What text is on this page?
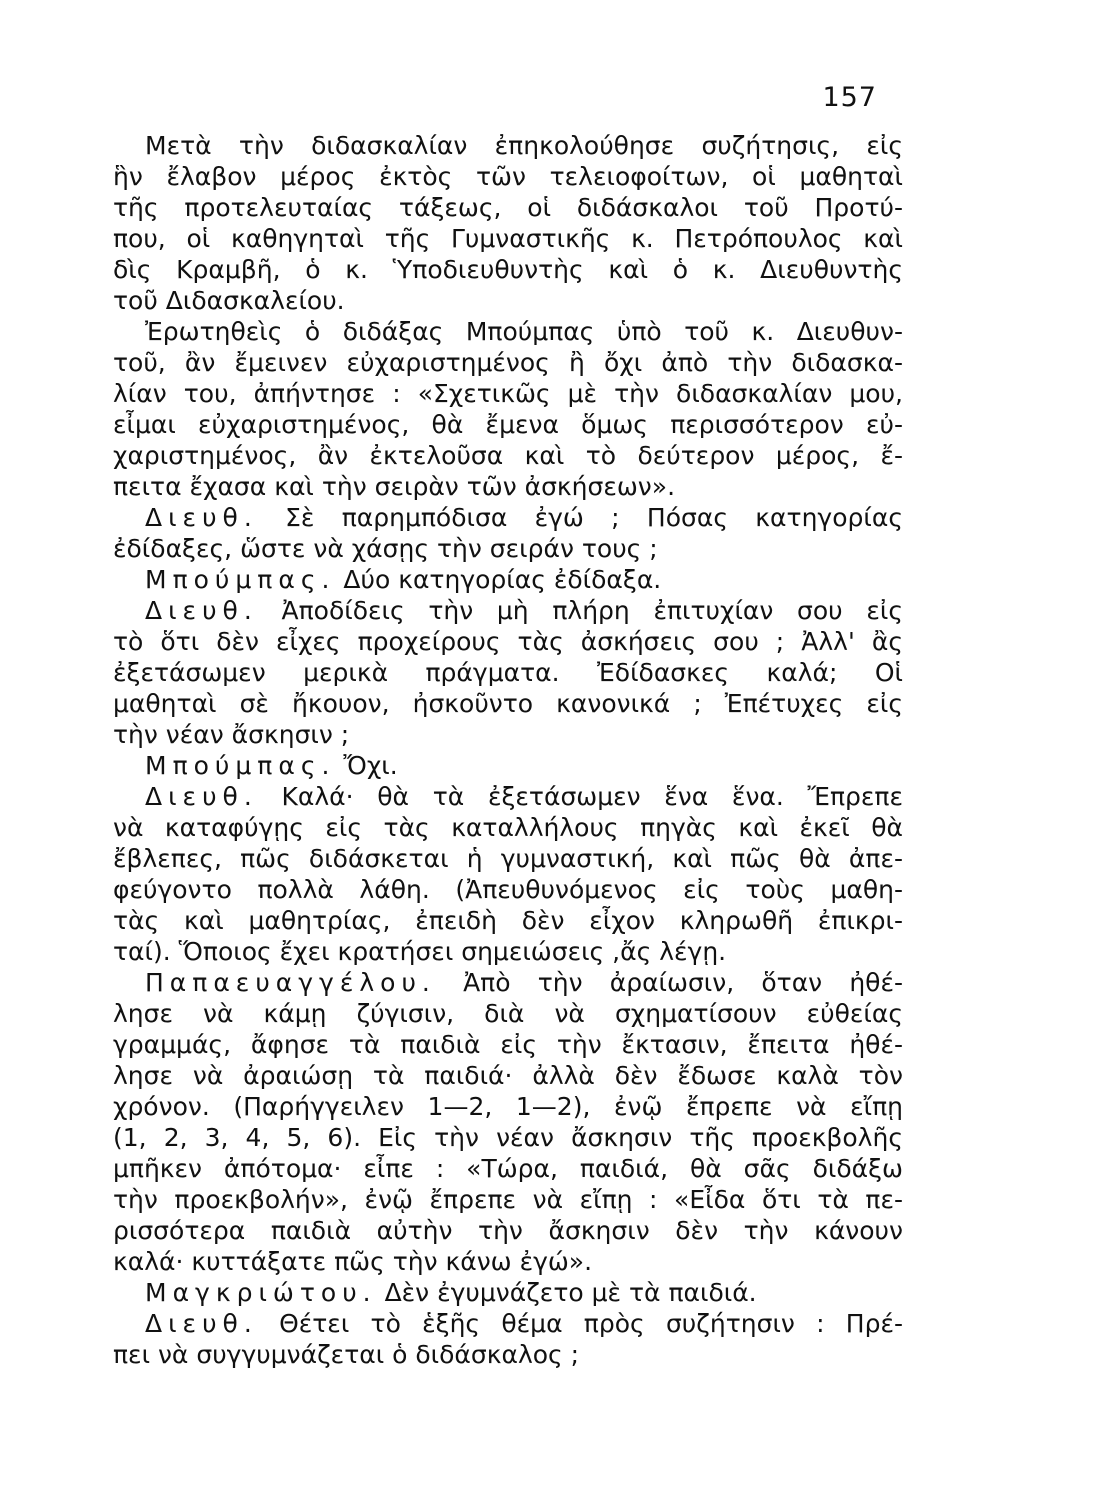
157
Μετὰ τὴν διδασκαλίαν ἐπηκολούθησε συζήτησις, εἰς
ἣν ἔλαβον μέρος ἐκτὸς τῶν τελειοφοίτων, οἱ μαθηταὶ
τῆς προτελευταίας τάξεως, οἱ διδάσκαλοι τοῦ Προτύ-
που, οἱ καθηγηταὶ τῆς Γυμναστικῆς κ. Πετρόπουλος καὶ
δὶς Κραμβῆ, ὁ κ. Ὑποδιευθυντὴς καὶ ὁ κ. Διευθυντὴς
τοῦ Διδασκαλείου.
Ἐρωτηθεὶς ὁ διδάξας Μπούμπας ὑπὸ τοῦ κ. Διευθυν-
τοῦ, ἂν ἔμεινεν εὐχαριστημένος ἢ ὄχι ἀπὸ τὴν διδασκα-
λίαν του, ἀπήντησε : «Σχετικῶς μὲ τὴν διδασκαλίαν μου,
εἶμαι εὐχαριστημένος, θὰ ἔμενα ὅμως περισσότερον εὐ-
χαριστημένος, ἂν ἐκτελοῦσα καὶ τὸ δεύτερον μέρος, ἔ-
πειτα ἔχασα καὶ τὴν σειρὰν τῶν ἀσκήσεων».
Διευθ. Σὲ παρημπόδισα ἐγώ ; Πόσας κατηγορίας
ἐδίδαξες, ὥστε νὰ χάσῃς τὴν σειράν τους ;
Μπούμπας. Δύο κατηγορίας ἐδίδαξα.
Διευθ. Ἀποδίδεις τὴν μὴ πλήρη ἐπιτυχίαν σου εἰς
τὸ ὅτι δὲν εἶχες προχείρους τὰς ἀσκήσεις σου ; Ἀλλ' ἂς
ἐξετάσωμεν μερικὰ πράγματα. Ἐδίδασκες καλά; Οἱ
μαθηταὶ σὲ ἤκουον, ἠσκοῦντο κανονικά ; Ἐπέτυχες εἰς
τὴν νέαν ἄσκησιν ;
Μπούμπας. Ὄχι.
Διευθ. Καλά· θὰ τὰ ἐξετάσωμεν ἕνα ἕνα. Ἔπρεπε
νὰ καταφύγῃς εἰς τὰς καταλλήλους πηγὰς καὶ ἐκεῖ θὰ
ἔβλεπες, πῶς διδάσκεται ἡ γυμναστική, καὶ πῶς θὰ ἀπε-
φεύγοντο πολλὰ λάθη. (Ἀπευθυνόμενος εἰς τοὺς μαθη-
τὰς καὶ μαθητρίας, ἐπειδὴ δὲν εἶχον κληρωθῆ ἐπικρι-
ταί). Ὅποιος ἔχει κρατήσει σημειώσεις ,ἄς λέγῃ.
Παπαευαγγέλου. Ἀπὸ τὴν ἀραίωσιν, ὅταν ἠθέ-
λησε νὰ κάμῃ ζύγισιν, διὰ νὰ σχηματίσουν εὐθείας
γραμμάς, ἄφησε τὰ παιδιὰ εἰς τὴν ἔκτασιν, ἔπειτα ἠθέ-
λησε νὰ ἀραιώσῃ τὰ παιδιά· ἀλλὰ δὲν ἔδωσε καλὰ τὸν
χρόνον. (Παρήγγειλεν 1—2, 1—2), ἐνῷ ἔπρεπε νὰ εἴπῃ
(1, 2, 3, 4, 5, 6). Εἰς τὴν νέαν ἄσκησιν τῆς προεκβολῆς
μπῆκεν ἀπότομα· εἶπε : «Τώρα, παιδιά, θὰ σᾶς διδάξω
τὴν προεκβολήν», ἐνῷ ἔπρεπε νὰ εἴπῃ : «Εἶδα ὅτι τὰ πε-
ρισσότερα παιδιὰ αὐτὴν τὴν ἄσκησιν δὲν τὴν κάνουν
καλά· κυττάξατε πῶς τὴν κάνω ἐγώ».
Μαγκριώτου. Δὲν ἐγυμνάζετο μὲ τὰ παιδιά.
Διευθ. Θέτει τὸ ἑξῆς θέμα πρὸς συζήτησιν : Πρέ-
πει νὰ συγγυμνάζεται ὁ διδάσκαλος ;
